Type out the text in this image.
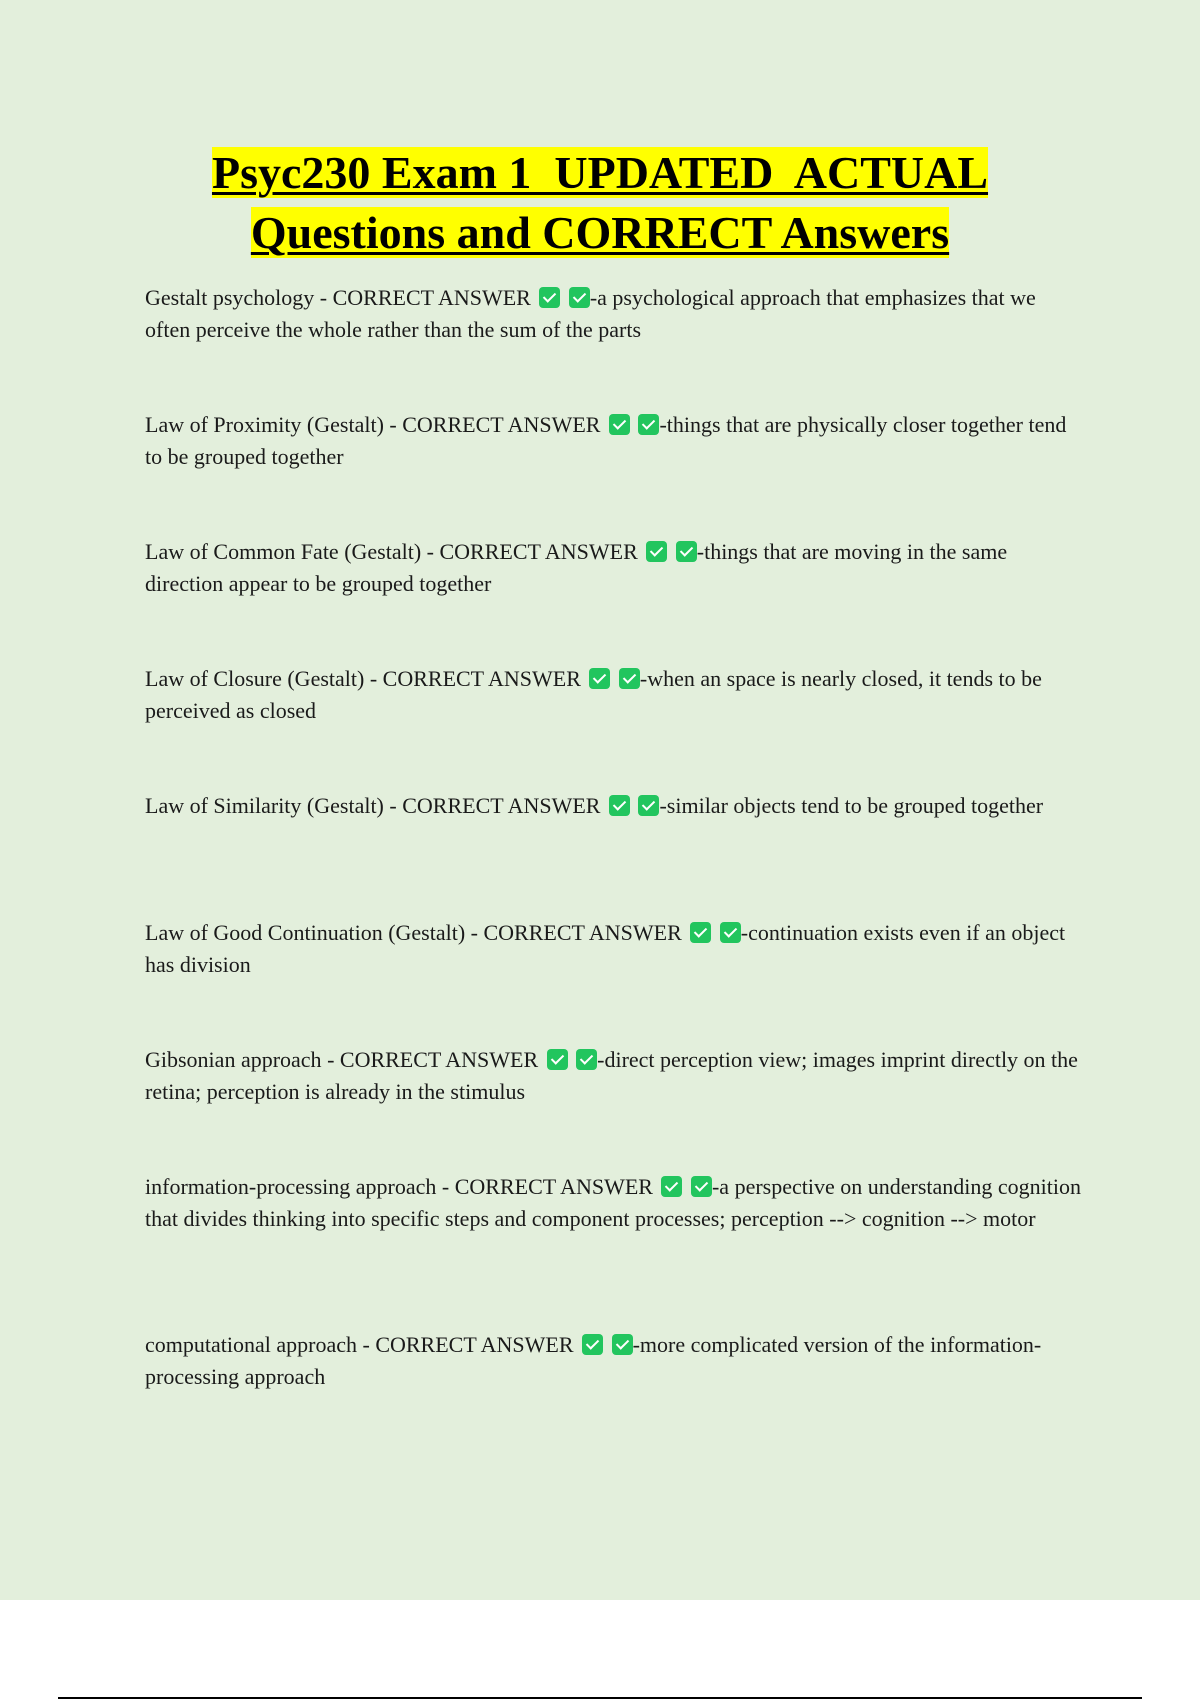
Psyc230 Exam 1  UPDATED  ACTUAL
Questions and CORRECT Answers
Gestalt psychology - CORRECT ANSWER	-a psychological approach that emphasizes that we often perceive the whole rather than the sum of the parts
Law of Proximity (Gestalt) - CORRECT ANSWER	-things that are physically closer together tend to be grouped together
Law of Common Fate (Gestalt) - CORRECT ANSWER	-things that are moving in the same direction appear to be grouped together
Law of Closure (Gestalt) - CORRECT ANSWER	-when an space is nearly closed, it tends to be perceived as closed
Law of Similarity (Gestalt) - CORRECT ANSWER	-similar objects tend to be grouped together
Law of Good Continuation (Gestalt) - CORRECT ANSWER	-continuation exists even if an object has division
Gibsonian approach - CORRECT ANSWER	-direct perception view; images imprint directly on the retina; perception is already in the stimulus
information-processing approach - CORRECT ANSWER	-a perspective on understanding cognition that divides thinking into specific steps and component processes; perception --> cognition --> motor
computational approach - CORRECT ANSWER	-more complicated version of the information-processing approach
